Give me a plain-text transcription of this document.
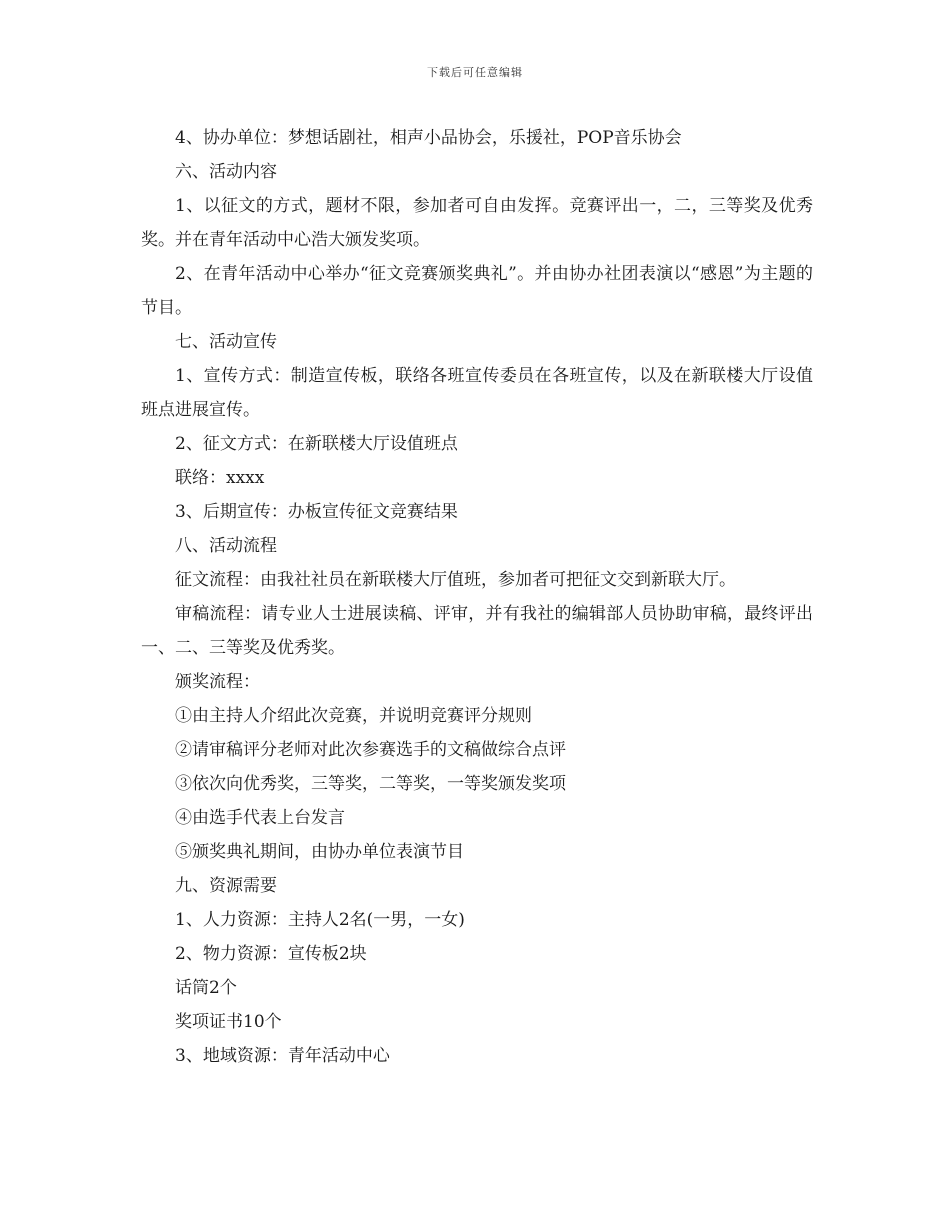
下载后可任意编辑

4、协办单位：梦想话剧社，相声小品协会，乐援社，POP音乐协会

六、活动内容

1、以征文的方式，题材不限，参加者可自由发挥。竞赛评出一，二，三等奖及优秀奖。并在青年活动中心浩大颁发奖项。

2、在青年活动中心举办“征文竞赛颁奖典礼”。并由协办社团表演以“感恩”为主题的节目。

七、活动宣传

1、宣传方式：制造宣传板，联络各班宣传委员在各班宣传，以及在新联楼大厅设值班点进展宣传。

2、征文方式：在新联楼大厅设值班点

联络：xxxx

3、后期宣传：办板宣传征文竞赛结果

八、活动流程

征文流程：由我社社员在新联楼大厅值班，参加者可把征文交到新联大厅。

审稿流程：请专业人士进展读稿、评审，并有我社的编辑部人员协助审稿，最终评出一、二、三等奖及优秀奖。

颁奖流程：

①由主持人介绍此次竞赛，并说明竞赛评分规则

②请审稿评分老师对此次参赛选手的文稿做综合点评

③依次向优秀奖，三等奖，二等奖，一等奖颁发奖项

④由选手代表上台发言

⑤颁奖典礼期间，由协办单位表演节目

九、资源需要

1、人力资源：主持人2名(一男，一女)

2、物力资源：宣传板2块

话筒2个

奖项证书10个

3、地域资源：青年活动中心
